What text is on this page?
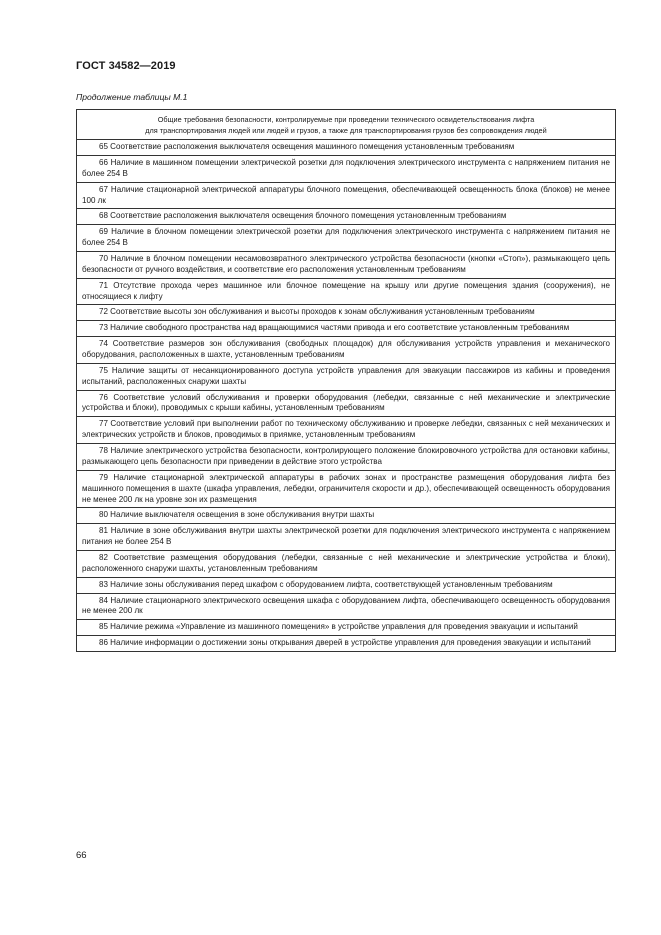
ГОСТ 34582—2019
Продолжение таблицы М.1
Общие требования безопасности, контролируемые при проведении технического освидетельствования лифта
для транспортирования людей или людей и грузов, а также для транспортирования грузов без сопровождения людей

65 Соответствие расположения выключателя освещения машинного помещения установленным требованиям
66 Наличие в машинном помещении электрической розетки для подключения электрического инструмента с напряжением питания не более 254 В
67 Наличие стационарной электрической аппаратуры блочного помещения, обеспечивающей освещенность блока (блоков) не менее 100 лк
68 Соответствие расположения выключателя освещения блочного помещения установленным требованиям
69 Наличие в блочном помещении электрической розетки для подключения электрического инструмента с напряжением питания не более 254 В
70 Наличие в блочном помещении несамовозвратного электрического устройства безопасности (кнопки «Стоп»), размыкающего цепь безопасности от ручного воздействия, и соответствие его расположения установленным требованиям
71 Отсутствие прохода через машинное или блочное помещение на крышу или другие помещения здания (сооружения), не относящиеся к лифту
72 Соответствие высоты зон обслуживания и высоты проходов к зонам обслуживания установленным требованиям
73 Наличие свободного пространства над вращающимися частями привода и его соответствие установленным требованиям
74 Соответствие размеров зон обслуживания (свободных площадок) для обслуживания устройств управления и механического оборудования, расположенных в шахте, установленным требованиям
75 Наличие защиты от несанкционированного доступа устройств управления для эвакуации пассажиров из кабины и проведения испытаний, расположенных снаружи шахты
76 Соответствие условий обслуживания и проверки оборудования (лебедки, связанные с ней механические и электрические устройства и блоки), проводимых с крыши кабины, установленным требованиям
77 Соответствие условий при выполнении работ по техническому обслуживанию и проверке лебедки, связанных с ней механических и электрических устройств и блоков, проводимых в приямке, установленным требованиям
78 Наличие электрического устройства безопасности, контролирующего положение блокировочного устройства для остановки кабины, размыкающего цепь безопасности при приведении в действие этого устройства
79 Наличие стационарной электрической аппаратуры в рабочих зонах и пространстве размещения оборудования лифта без машинного помещения в шахте (шкафа управления, лебедки, ограничителя скорости и др.), обеспечивающей освещенность оборудования не менее 200 лк на уровне зон их размещения
80 Наличие выключателя освещения в зоне обслуживания внутри шахты
81 Наличие в зоне обслуживания внутри шахты электрической розетки для подключения электрического инструмента с напряжением питания не более 254 В
82 Соответствие размещения оборудования (лебедки, связанные с ней механические и электрические устройства и блоки), расположенного снаружи шахты, установленным требованиям
83 Наличие зоны обслуживания перед шкафом с оборудованием лифта, соответствующей установленным требованиям
84 Наличие стационарного электрического освещения шкафа с оборудованием лифта, обеспечивающего освещенность оборудования не менее 200 лк
85 Наличие режима «Управление из машинного помещения» в устройстве управления для проведения эвакуации и испытаний
86 Наличие информации о достижении зоны открывания дверей в устройстве управления для проведения эвакуации и испытаний
66
